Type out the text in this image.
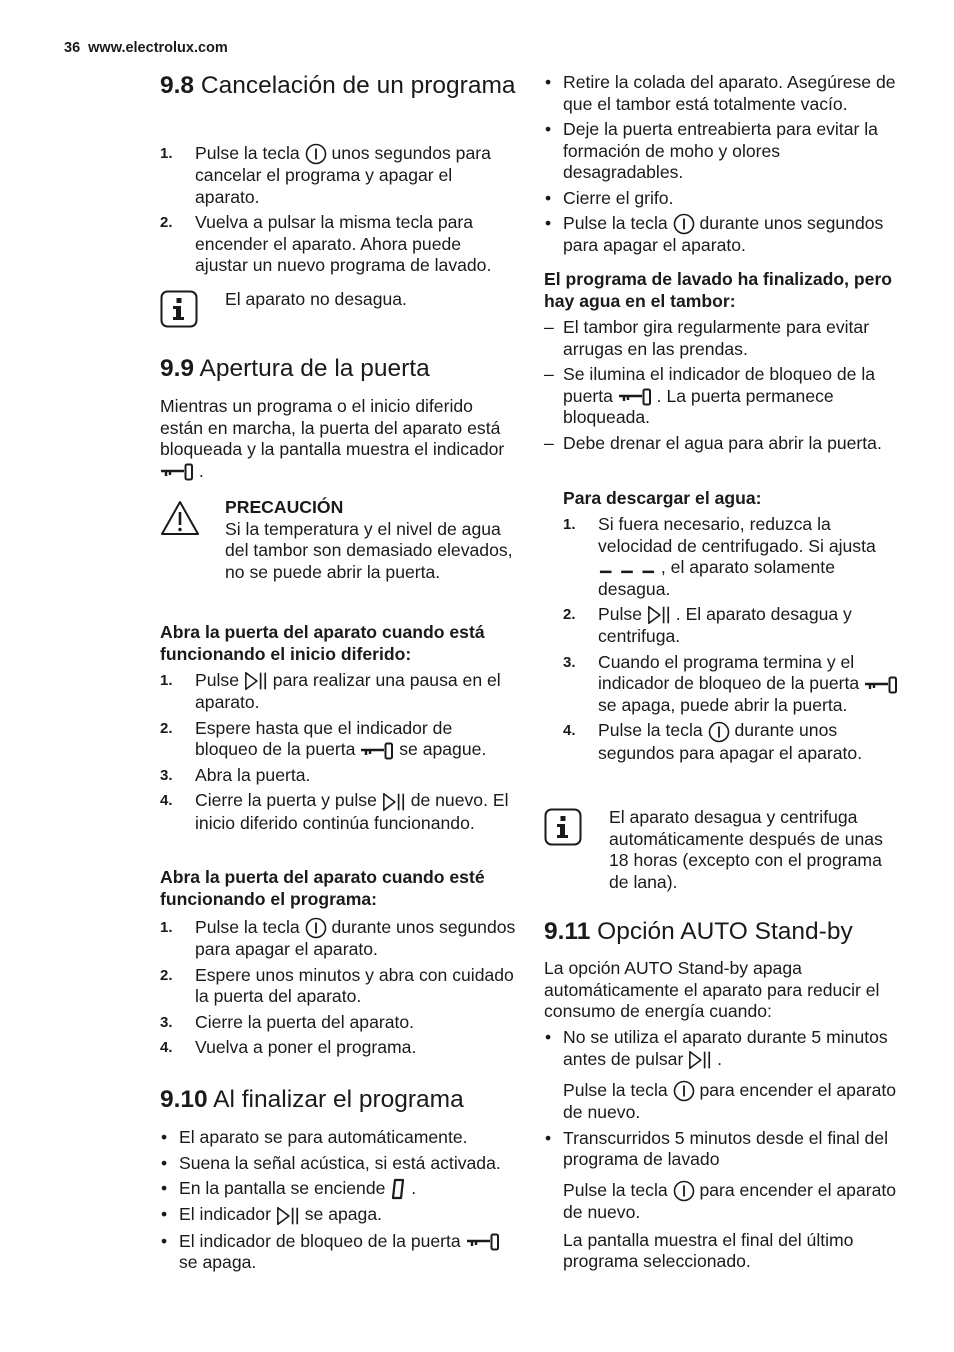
36 www.electrolux.com
9.8 Cancelación de un programa
1. Pulse la tecla unos segundos para cancelar el programa y apagar el aparato.
2. Vuelva a pulsar la misma tecla para encender el aparato. Ahora puede ajustar un nuevo programa de lavado.
El aparato no desagua.
9.9 Apertura de la puerta

Mientras un programa o el inicio diferido están en marcha, la puerta del aparato está bloqueada y la pantalla muestra el indicador  .

PRECAUCIÓN
Si la temperatura y el nivel de agua del tambor son demasiado elevados, no se puede abrir la puerta.

Abra la puerta del aparato cuando está funcionando el inicio diferido:

1. Pulse para realizar una pausa en el aparato.
2. Espere hasta que el indicador de bloqueo de la puerta se apague.
3. Abra la puerta.
4. Cierre la puerta y pulse de nuevo. El inicio diferido continúa funcionando.

Abra la puerta del aparato cuando esté funcionando el programa:

1. Pulse la tecla durante unos segundos para apagar el aparato.
2. Espere unos minutos y abra con cuidado la puerta del aparato.
3. Cierre la puerta del aparato.
4. Vuelva a poner el programa.
9.10 Al finalizar el programa
• El aparato se para automáticamente.
• Suena la señal acústica, si está activada.
• En la pantalla se enciende .
• El indicador se apaga.
• El indicador de bloqueo de la puerta  se apaga.
• Retire la colada del aparato. Asegúrese de que el tambor está totalmente vacío.
• Deje la puerta entreabierta para evitar la formación de moho y olores desagradables.
• Cierre el grifo.
• Pulse la tecla durante unos segundos para apagar el aparato.

El programa de lavado ha finalizado, pero hay agua en el tambor:

– El tambor gira regularmente para evitar arrugas en las prendas.
– Se ilumina el indicador de bloqueo de la puerta . La puerta permanece bloqueada.
– Debe drenar el agua para abrir la puerta.

Para descargar el agua:

1. Si fuera necesario, reduzca la velocidad de centrifugado. Si ajusta  , el aparato solamente desagua.
2. Pulse . El aparato desagua y centrifuga.
3. Cuando el programa termina y el indicador de bloqueo de la puerta  se apaga, puede abrir la puerta.
4. Pulse la tecla durante unos segundos para apagar el aparato.
El aparato desagua y centrifuga automáticamente después de unas 18 horas (excepto con el programa de lana).
9.11 Opción AUTO Stand-by

La opción AUTO Stand-by apaga automáticamente el aparato para reducir el consumo de energía cuando:

• No se utiliza el aparato durante 5 minutos antes de pulsar .
Pulse la tecla para encender el aparato de nuevo.
• Transcurridos 5 minutos desde el final del programa de lavado
Pulse la tecla para encender el aparato de nuevo.
La pantalla muestra el final del último programa seleccionado.
